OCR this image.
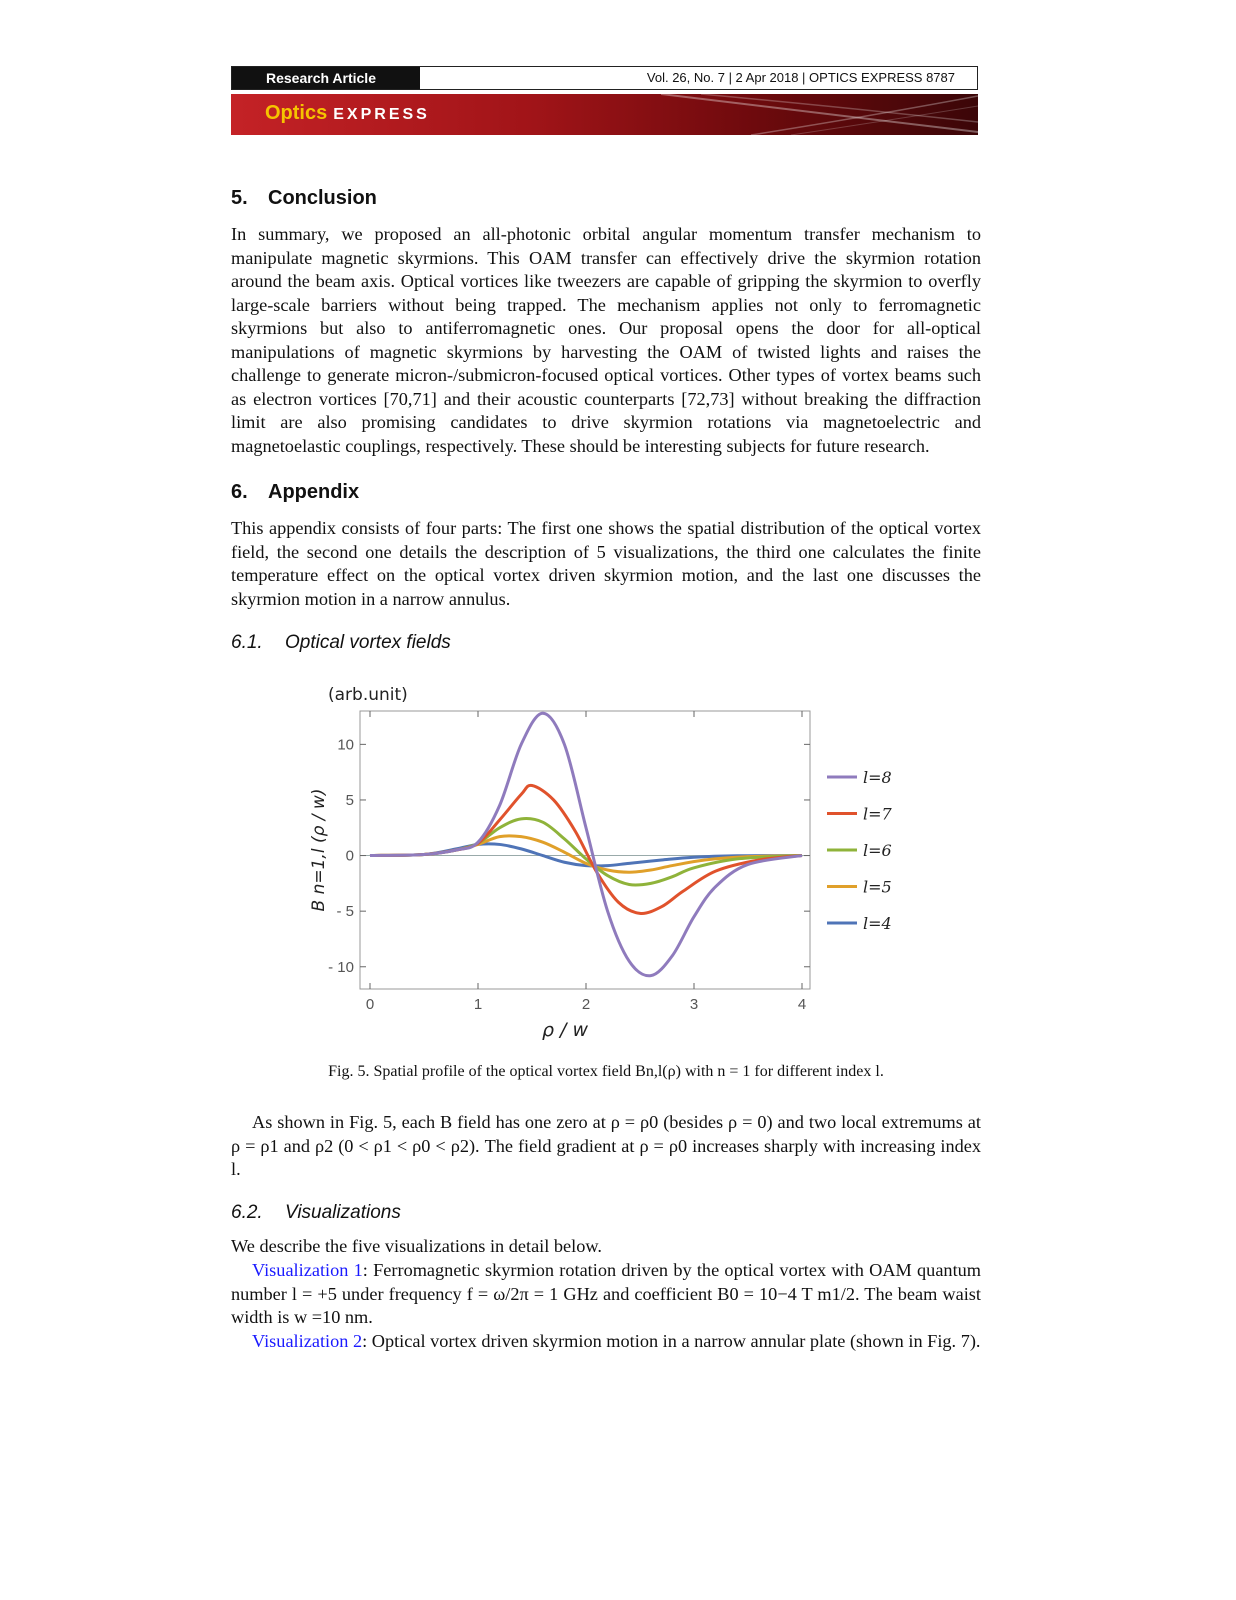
Research Article	Vol. 26, No. 7 | 2 Apr 2018 | OPTICS EXPRESS 8787
Optics EXPRESS
5. Conclusion

In summary, we proposed an all-photonic orbital angular momentum transfer mechanism to manipulate magnetic skyrmions. This OAM transfer can effectively drive the skyrmion rotation around the beam axis. Optical vortices like tweezers are capable of gripping the skyrmion to overfly large-scale barriers without being trapped. The mechanism applies not only to ferromagnetic skyrmions but also to antiferromagnetic ones. Our proposal opens the door for all-optical manipulations of magnetic skyrmions by harvesting the OAM of twisted lights and raises the challenge to generate micron-/submicron-focused optical vortices. Other types of vortex beams such as electron vortices [70,71] and their acoustic counterparts [72,73] without breaking the diffraction limit are also promising candidates to drive skyrmion rotations via magnetoelectric and magnetoelastic couplings, respectively. These should be interesting subjects for future research.

6. Appendix

This appendix consists of four parts: The first one shows the spatial distribution of the optical vortex field, the second one details the description of 5 visualizations, the third one calculates the finite temperature effect on the optical vortex driven skyrmion motion, and the last one discusses the skyrmion motion in a narrow annulus.

6.1. Optical vortex fields
0	1	2	3	4
10
5
0
- 5
- 10
(arb.unit)
ρ / w
B n=1,l (ρ / w)
l=8
l=7
l=6
l=5
l=4
Fig. 5. Spatial profile of the optical vortex field Bn,l(ρ) with n = 1 for different index l.

As shown in Fig. 5, each B field has one zero at ρ = ρ0 (besides ρ = 0) and two local extremums at ρ = ρ1 and ρ2 (0 < ρ1 < ρ0 < ρ2). The field gradient at ρ = ρ0 increases sharply with increasing index l.

6.2. Visualizations

We describe the five visualizations in detail below.

Visualization 1: Ferromagnetic skyrmion rotation driven by the optical vortex with OAM quantum number l = +5 under frequency f = ω/2π = 1 GHz and coefficient B0 = 10−4 T m1/2. The beam waist width is w =10 nm.

Visualization 2: Optical vortex driven skyrmion motion in a narrow annular plate (shown in Fig. 7).
